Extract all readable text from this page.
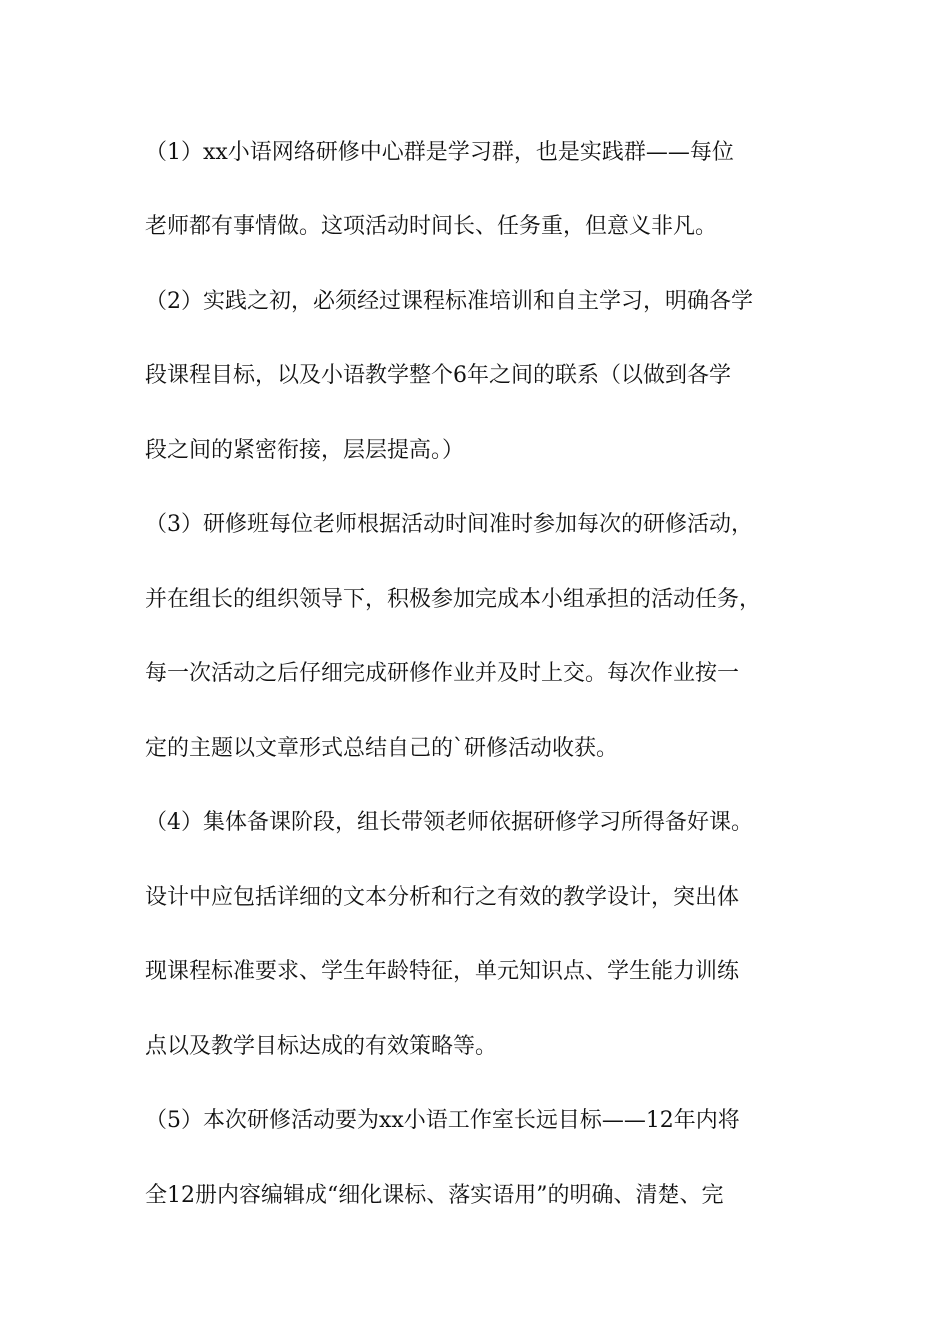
（1）xx小语网络研修中心群是学习群，也是实践群——每位
老师都有事情做。这项活动时间长、任务重，但意义非凡。
（2）实践之初，必须经过课程标准培训和自主学习，明确各学
段课程目标，以及小语教学整个6年之间的联系（以做到各学
段之间的紧密衔接，层层提高。）
（3）研修班每位老师根据活动时间准时参加每次的研修活动，
并在组长的组织领导下，积极参加完成本小组承担的活动任务，
每一次活动之后仔细完成研修作业并及时上交。每次作业按一
定的主题以文章形式总结自己的`研修活动收获。
（4）集体备课阶段，组长带领老师依据研修学习所得备好课。
设计中应包括详细的文本分析和行之有效的教学设计，突出体
现课程标准要求、学生年龄特征，单元知识点、学生能力训练
点以及教学目标达成的有效策略等。
（5）本次研修活动要为xx小语工作室长远目标——12年内将
全12册内容编辑成“细化课标、落实语用”的明确、清楚、完
